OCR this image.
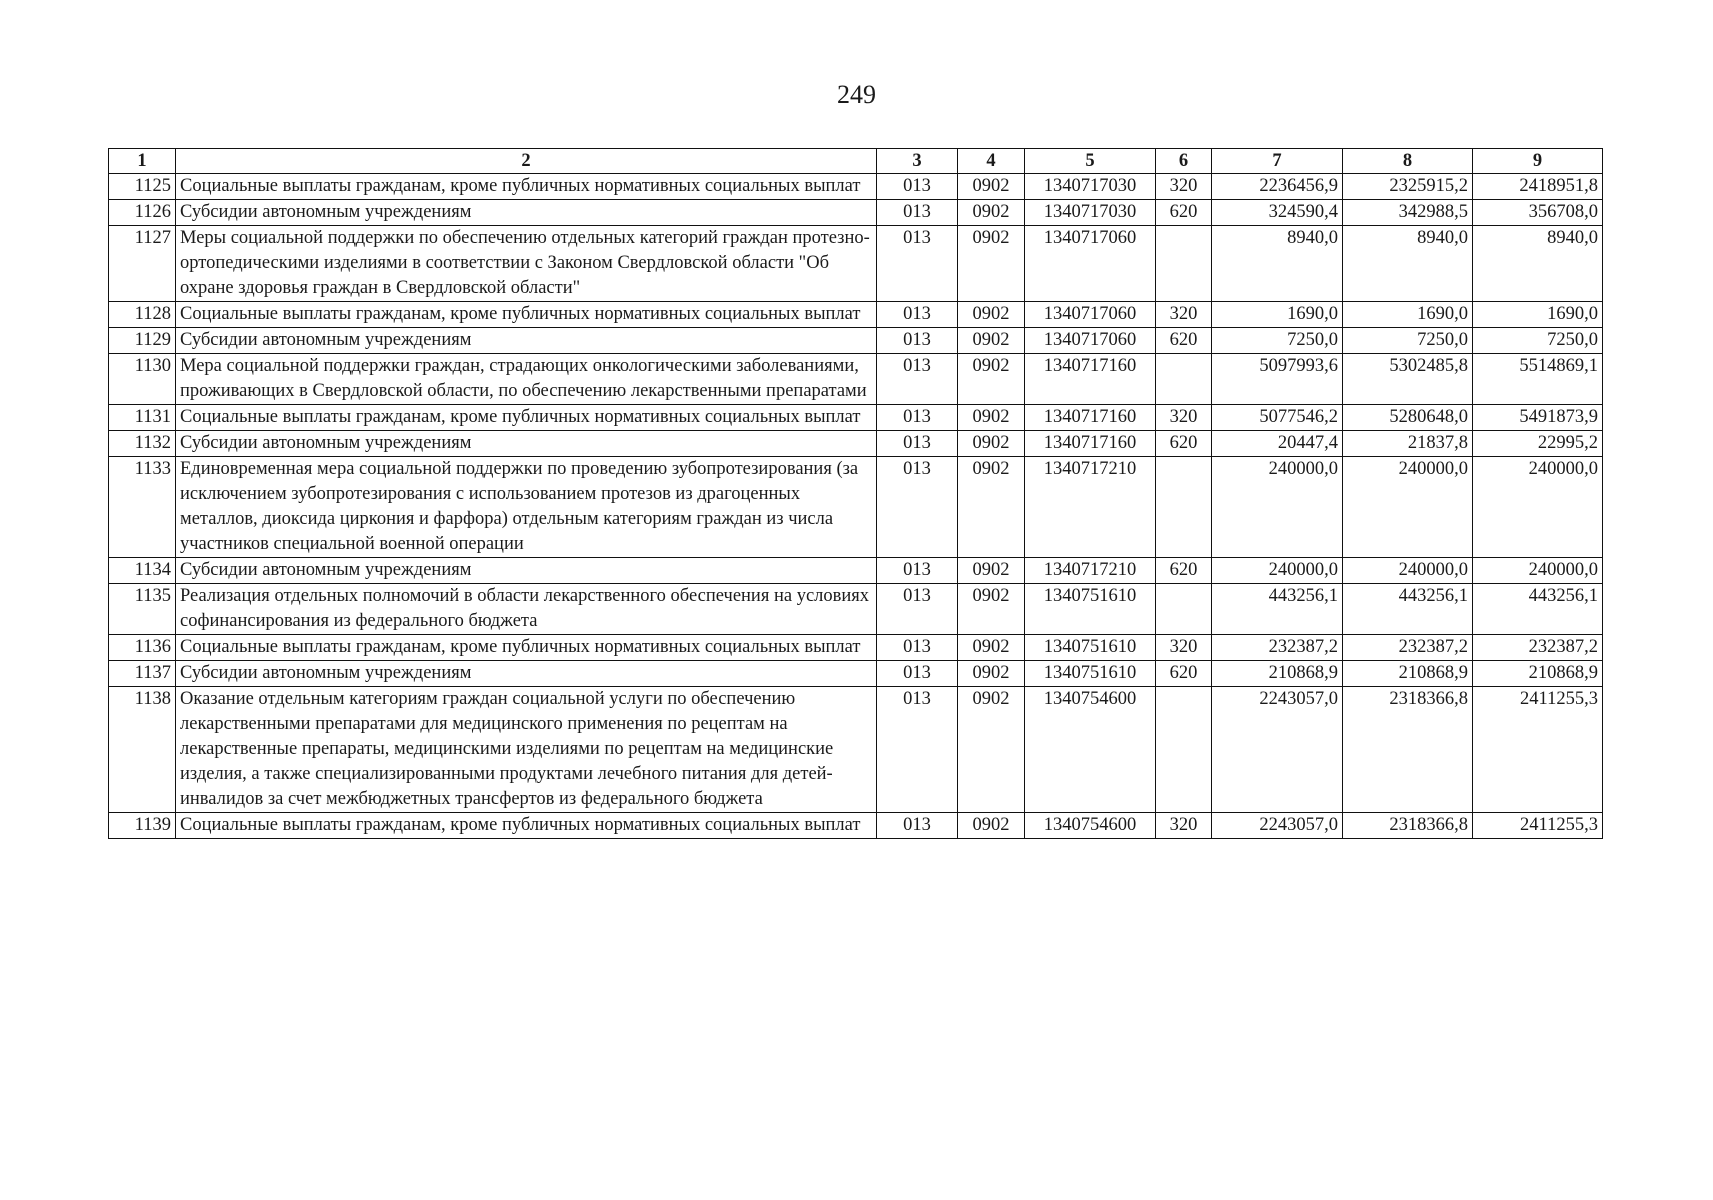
249
1	2	3	4	5	6	7	8	9
1125	Социальные выплаты гражданам, кроме публичных нормативных социальных выплат	013	0902	1340717030	320	2236456,9	2325915,2	2418951,8
1126	Субсидии автономным учреждениям	013	0902	1340717030	620	324590,4	342988,5	356708,0
1127	Меры социальной поддержки по обеспечению отдельных категорий граждан протезно-ортопедическими изделиями в соответствии с Законом Свердловской области "Об охране здоровья граждан в Свердловской области"	013	0902	1340717060		8940,0	8940,0	8940,0
1128	Социальные выплаты гражданам, кроме публичных нормативных социальных выплат	013	0902	1340717060	320	1690,0	1690,0	1690,0
1129	Субсидии автономным учреждениям	013	0902	1340717060	620	7250,0	7250,0	7250,0
1130	Мера социальной поддержки граждан, страдающих онкологическими заболеваниями, проживающих в Свердловской области, по обеспечению лекарственными препаратами	013	0902	1340717160		5097993,6	5302485,8	5514869,1
1131	Социальные выплаты гражданам, кроме публичных нормативных социальных выплат	013	0902	1340717160	320	5077546,2	5280648,0	5491873,9
1132	Субсидии автономным учреждениям	013	0902	1340717160	620	20447,4	21837,8	22995,2
1133	Единовременная мера социальной поддержки по проведению зубопротезирования (за исключением зубопротезирования с использованием протезов из драгоценных металлов, диоксида циркония и фарфора) отдельным категориям граждан из числа участников специальной военной операции	013	0902	1340717210		240000,0	240000,0	240000,0
1134	Субсидии автономным учреждениям	013	0902	1340717210	620	240000,0	240000,0	240000,0
1135	Реализация отдельных полномочий в области лекарственного обеспечения на условиях софинансирования из федерального бюджета	013	0902	1340751610		443256,1	443256,1	443256,1
1136	Социальные выплаты гражданам, кроме публичных нормативных социальных выплат	013	0902	1340751610	320	232387,2	232387,2	232387,2
1137	Субсидии автономным учреждениям	013	0902	1340751610	620	210868,9	210868,9	210868,9
1138	Оказание отдельным категориям граждан социальной услуги по обеспечению лекарственными препаратами для медицинского применения по рецептам на лекарственные препараты, медицинскими изделиями по рецептам на медицинские изделия, а также специализированными продуктами лечебного питания для детей-инвалидов за счет межбюджетных трансфертов из федерального бюджета	013	0902	1340754600		2243057,0	2318366,8	2411255,3
1139	Социальные выплаты гражданам, кроме публичных нормативных социальных выплат	013	0902	1340754600	320	2243057,0	2318366,8	2411255,3
